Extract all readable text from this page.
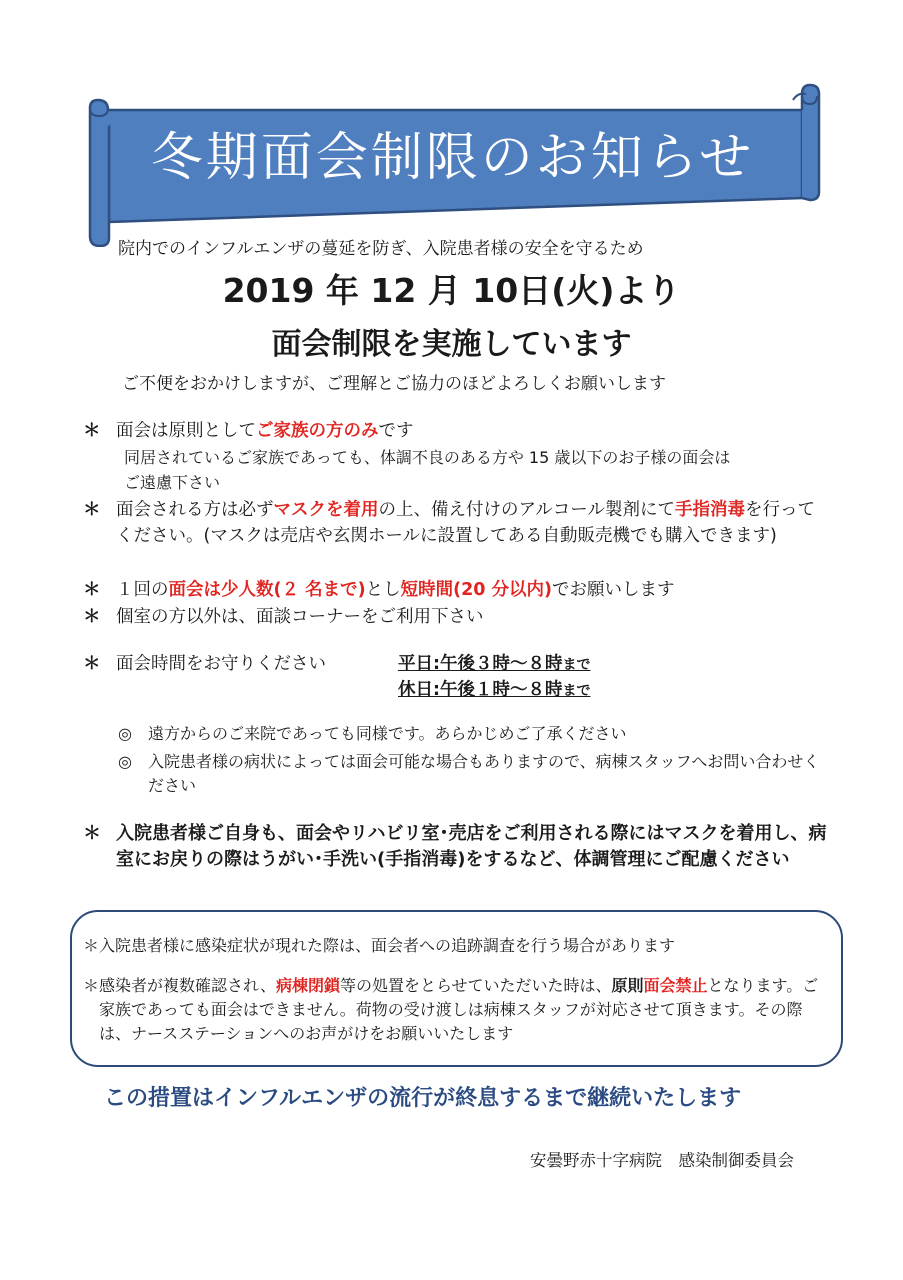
冬期面会制限のお知らせ
院内でのインフルエンザの蔓延を防ぎ、入院患者様の安全を守るため
2019 年 12 月 10日(火)より
面会制限を実施しています
ご不便をおかけしますが、ご理解とご協力のほどよろしくお願いします
＊ 面会は原則としてご家族の方のみです
同居されているご家族であっても、体調不良のある方や 15 歳以下のお子様の面会は
ご遠慮下さい
＊ 面会される方は必ずマスクを着用の上、備え付けのアルコール製剤にて手指消毒を行ってください。(マスクは売店や玄関ホールに設置してある自動販売機でも購入できます)
＊ １回の面会は少人数(２ 名まで)とし短時間(20 分以内)でお願いします
＊ 個室の方以外は、面談コーナーをご利用下さい
＊ 面会時間をお守りください	平日:午後３時～８時まで
休日:午後１時～８時まで
◎ 遠方からのご来院であっても同様です。あらかじめご了承ください
◎ 入院患者様の病状によっては面会可能な場合もありますので、病棟スタッフへお問い合わせください
＊ 入院患者様ご自身も、面会やリハビリ室･売店をご利用される際にはマスクを着用し、病室にお戻りの際はうがい･手洗い(手指消毒)をするなど、体調管理にご配慮ください
＊ 入院患者様に感染症状が現れた際は、面会者への追跡調査を行う場合があります
＊ 感染者が複数確認され、病棟閉鎖等の処置をとらせていただいた時は、原則面会禁止となります。ご家族であっても面会はできません。荷物の受け渡しは病棟スタッフが対応させて頂きます。その際は、ナースステーションへのお声がけをお願いいたします
この措置はインフルエンザの流行が終息するまで継続いたします
安曇野赤十字病院　感染制御委員会
